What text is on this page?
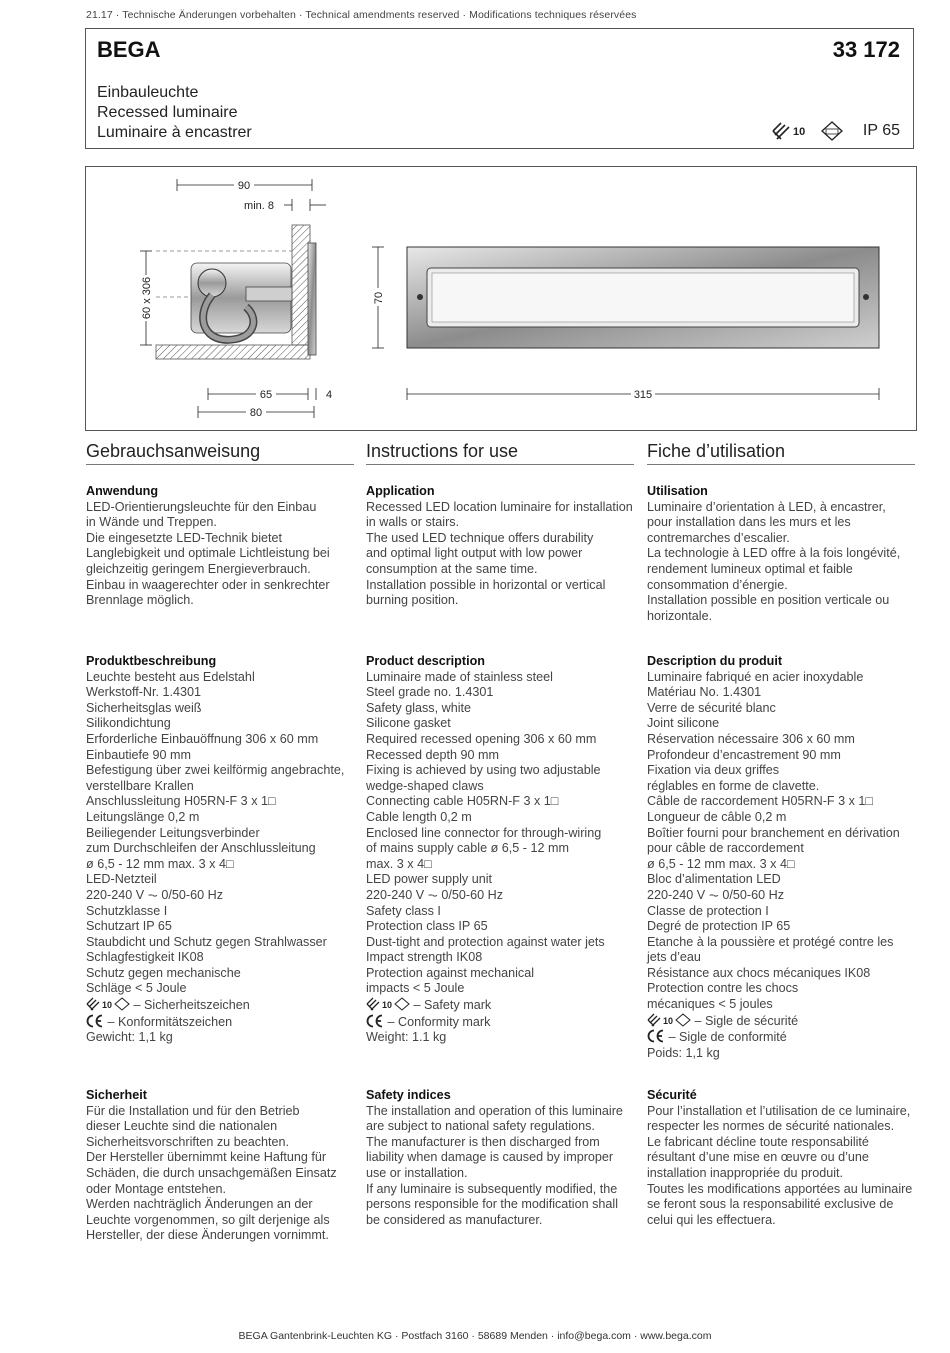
21.17 · Technische Änderungen vorbehalten · Technical amendments reserved · Modifications techniques réservées
BEGA	33 172
Einbauleuchte
Recessed luminaire
Luminaire à encastrer	10	IP 65
90
min. 8
60 x 306
65	4
80
70
315
Gebrauchsanweisung
Anwendung
LED-Orientierungsleuchte für den Einbau
in Wände und Treppen.
Die eingesetzte LED-Technik bietet
Langlebigkeit und optimale Lichtleistung bei
gleichzeitig geringem Energieverbrauch.
Einbau in waagerechter oder in senkrechter
Brennlage möglich.
Produktbeschreibung
Leuchte besteht aus Edelstahl
Werkstoff-Nr. 1.4301
Sicherheitsglas weiß
Silikondichtung
Erforderliche Einbauöffnung 306 x 60 mm
Einbautiefe 90 mm
Befestigung über zwei keilförmig angebrachte,
verstellbare Krallen
Anschlussleitung H05RN-F 3 x 1□
Leitungslänge 0,2 m
Beiliegender Leitungsverbinder
zum Durchschleifen der Anschlussleitung
ø 6,5 - 12 mm max. 3 x 4□
LED-Netzteil
220-240 V ⏦ 0/50-60 Hz
Schutzklasse I
Schutzart IP 65
Staubdicht und Schutz gegen Strahlwasser
Schlagfestigkeit IK08
Schutz gegen mechanische
Schläge < 5 Joule
10 – Sicherheitszeichen
– Konformitätszeichen
Gewicht: 1,1 kg
Sicherheit
Für die Installation und für den Betrieb
dieser Leuchte sind die nationalen
Sicherheitsvorschriften zu beachten.
Der Hersteller übernimmt keine Haftung für
Schäden, die durch unsachgemäßen Einsatz
oder Montage entstehen.
Werden nachträglich Änderungen an der
Leuchte vorgenommen, so gilt derjenige als
Hersteller, der diese Änderungen vornimmt.
Instructions for use
Application
Recessed LED location luminaire for installation
in walls or stairs.
The used LED technique offers durability
and optimal light output with low power
consumption at the same time.
Installation possible in horizontal or vertical
burning position.
Product description
Luminaire made of stainless steel
Steel grade no. 1.4301
Safety glass, white
Silicone gasket
Required recessed opening 306 x 60 mm
Recessed depth 90 mm
Fixing is achieved by using two adjustable
wedge-shaped claws
Connecting cable H05RN-F 3 x 1□
Cable length 0,2 m
Enclosed line connector for through-wiring
of mains supply cable ø 6,5 - 12 mm
max. 3 x 4□
LED power supply unit
220-240 V ⏦ 0/50-60 Hz
Safety class I
Protection class IP 65
Dust-tight and protection against water jets
Impact strength IK08
Protection against mechanical
impacts < 5 Joule
10 – Safety mark
– Conformity mark
Weight: 1.1 kg
Safety indices
The installation and operation of this luminaire
are subject to national safety regulations.
The manufacturer is then discharged from
liability when damage is caused by improper
use or installation.
If any luminaire is subsequently modified, the
persons responsible for the modification shall
be considered as manufacturer.
Fiche d’utilisation
Utilisation
Luminaire d’orientation à LED, à encastrer,
pour installation dans les murs et les
contremarches d’escalier.
La technologie à LED offre à la fois longévité,
rendement lumineux optimal et faible
consommation d’énergie.
Installation possible en position verticale ou
horizontale.
Description du produit
Luminaire fabriqué en acier inoxydable
Matériau No. 1.4301
Verre de sécurité blanc
Joint silicone
Réservation nécessaire 306 x 60 mm
Profondeur d’encastrement 90 mm
Fixation via deux griffes
réglables en forme de clavette.
Câble de raccordement H05RN-F 3 x 1□
Longueur de câble 0,2 m
Boîtier fourni pour branchement en dérivation
pour câble de raccordement
ø 6,5 - 12 mm max. 3 x 4□
Bloc d’alimentation LED
220-240 V ⏦ 0/50-60 Hz
Classe de protection I
Degré de protection IP 65
Etanche à la poussière et protégé contre les
jets d’eau
Résistance aux chocs mécaniques IK08
Protection contre les chocs
mécaniques < 5 joules
10 – Sigle de sécurité
– Sigle de conformité
Poids: 1,1 kg
Sécurité
Pour l’installation et l’utilisation de ce luminaire,
respecter les normes de sécurité nationales.
Le fabricant décline toute responsabilité
résultant d’une mise en œuvre ou d’une
installation inappropriée du produit.
Toutes les modifications apportées au luminaire
se feront sous la responsabilité exclusive de
celui qui les effectuera.
BEGA Gantenbrink-Leuchten KG · Postfach 3160 · 58689 Menden · info@bega.com · www.bega.com
